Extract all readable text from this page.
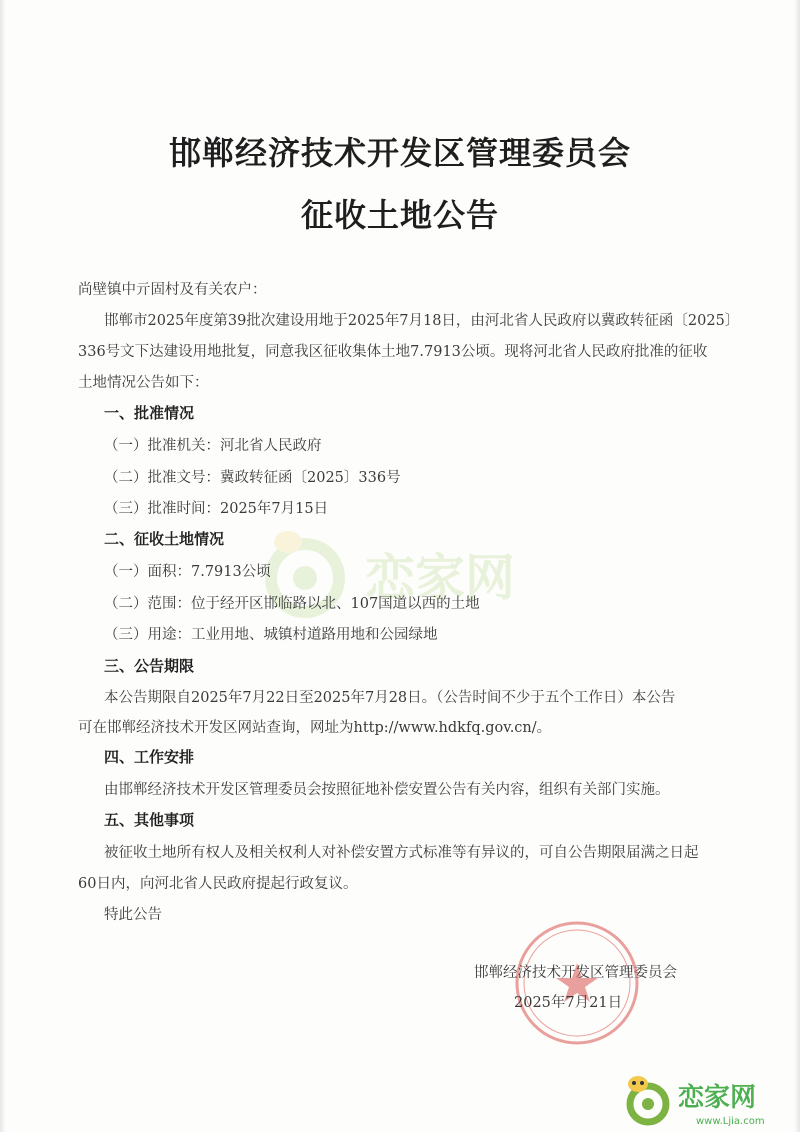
恋家网
邯郸经济技术开发区管理委员会
征收土地公告
尚壁镇中亓固村及有关农户：
邯郸市2025年度第39批次建设用地于2025年7月18日，由河北省人民政府以冀政转征函〔2025〕
336号文下达建设用地批复，同意我区征收集体土地7.7913公顷。现将河北省人民政府批准的征收
土地情况公告如下：
一、批准情况
（一）批准机关：河北省人民政府
（二）批准文号：冀政转征函〔2025〕336号
（三）批准时间：2025年7月15日
二、征收土地情况
（一）面积：7.7913公顷
（二）范围：位于经开区邯临路以北、107国道以西的土地
（三）用途：工业用地、城镇村道路用地和公园绿地
三、公告期限
本公告期限自2025年7月22日至2025年7月28日。（公告时间不少于五个工作日）本公告
可在邯郸经济技术开发区网站查询，网址为http://www.hdkfq.gov.cn/。
四、工作安排
由邯郸经济技术开发区管理委员会按照征地补偿安置公告有关内容，组织有关部门实施。
五、其他事项
被征收土地所有权人及相关权利人对补偿安置方式标准等有异议的，可自公告期限届满之日起
60日内，向河北省人民政府提起行政复议。
特此公告
邯郸经济技术开发区管理委员会
2025年7月21日
恋家网
www.Ljia.com
